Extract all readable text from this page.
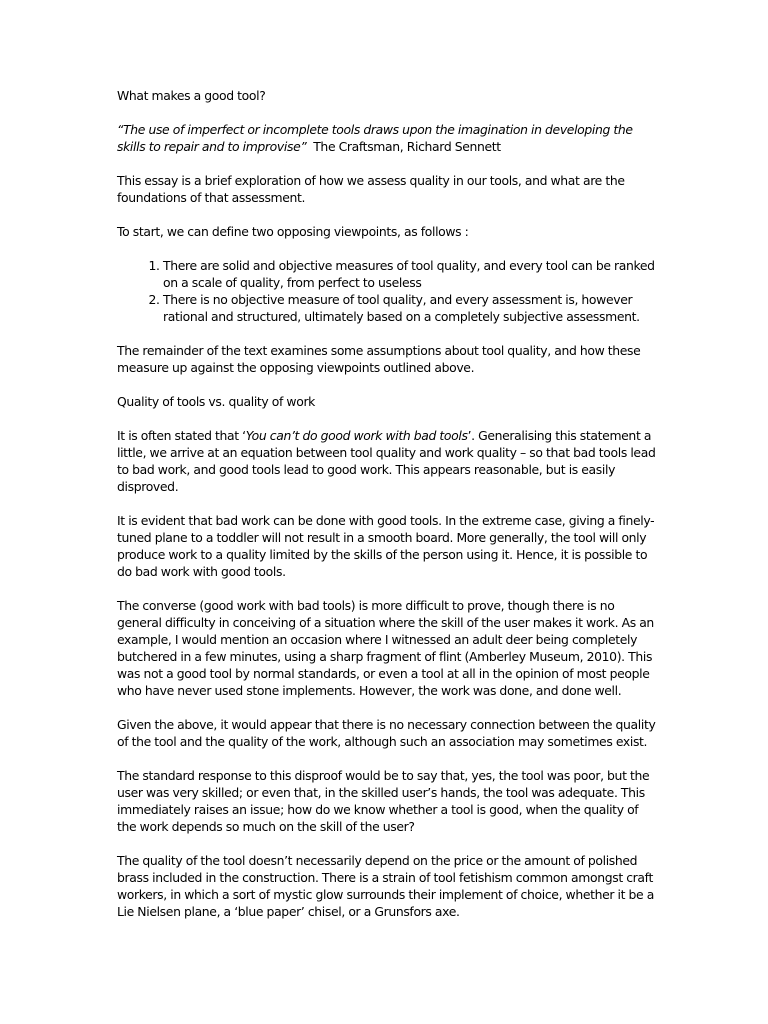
What makes a good tool?

“The use of imperfect or incomplete tools draws upon the imagination in developing the skills to repair and to improvise” The Craftsman, Richard Sennett

This essay is a brief exploration of how we assess quality in our tools, and what are the foundations of that assessment.

To start, we can define two opposing viewpoints, as follows :

1. There are solid and objective measures of tool quality, and every tool can be ranked on a scale of quality, from perfect to useless
2. There is no objective measure of tool quality, and every assessment is, however rational and structured, ultimately based on a completely subjective assessment.

The remainder of the text examines some assumptions about tool quality, and how these measure up against the opposing viewpoints outlined above.

Quality of tools vs. quality of work

It is often stated that ‘You can’t do good work with bad tools’. Generalising this statement a little, we arrive at an equation between tool quality and work quality – so that bad tools lead to bad work, and good tools lead to good work. This appears reasonable, but is easily disproved.

It is evident that bad work can be done with good tools. In the extreme case, giving a finely-tuned plane to a toddler will not result in a smooth board. More generally, the tool will only produce work to a quality limited by the skills of the person using it. Hence, it is possible to do bad work with good tools.

The converse (good work with bad tools) is more difficult to prove, though there is no general difficulty in conceiving of a situation where the skill of the user makes it work. As an example, I would mention an occasion where I witnessed an adult deer being completely butchered in a few minutes, using a sharp fragment of flint (Amberley Museum, 2010). This was not a good tool by normal standards, or even a tool at all in the opinion of most people who have never used stone implements. However, the work was done, and done well.

Given the above, it would appear that there is no necessary connection between the quality of the tool and the quality of the work, although such an association may sometimes exist.

The standard response to this disproof would be to say that, yes, the tool was poor, but the user was very skilled; or even that, in the skilled user’s hands, the tool was adequate. This immediately raises an issue; how do we know whether a tool is good, when the quality of the work depends so much on the skill of the user?

The quality of the tool doesn’t necessarily depend on the price or the amount of polished brass included in the construction. There is a strain of tool fetishism common amongst craft workers, in which a sort of mystic glow surrounds their implement of choice, whether it be a Lie Nielsen plane, a ‘blue paper’ chisel, or a Grunsfors axe.
